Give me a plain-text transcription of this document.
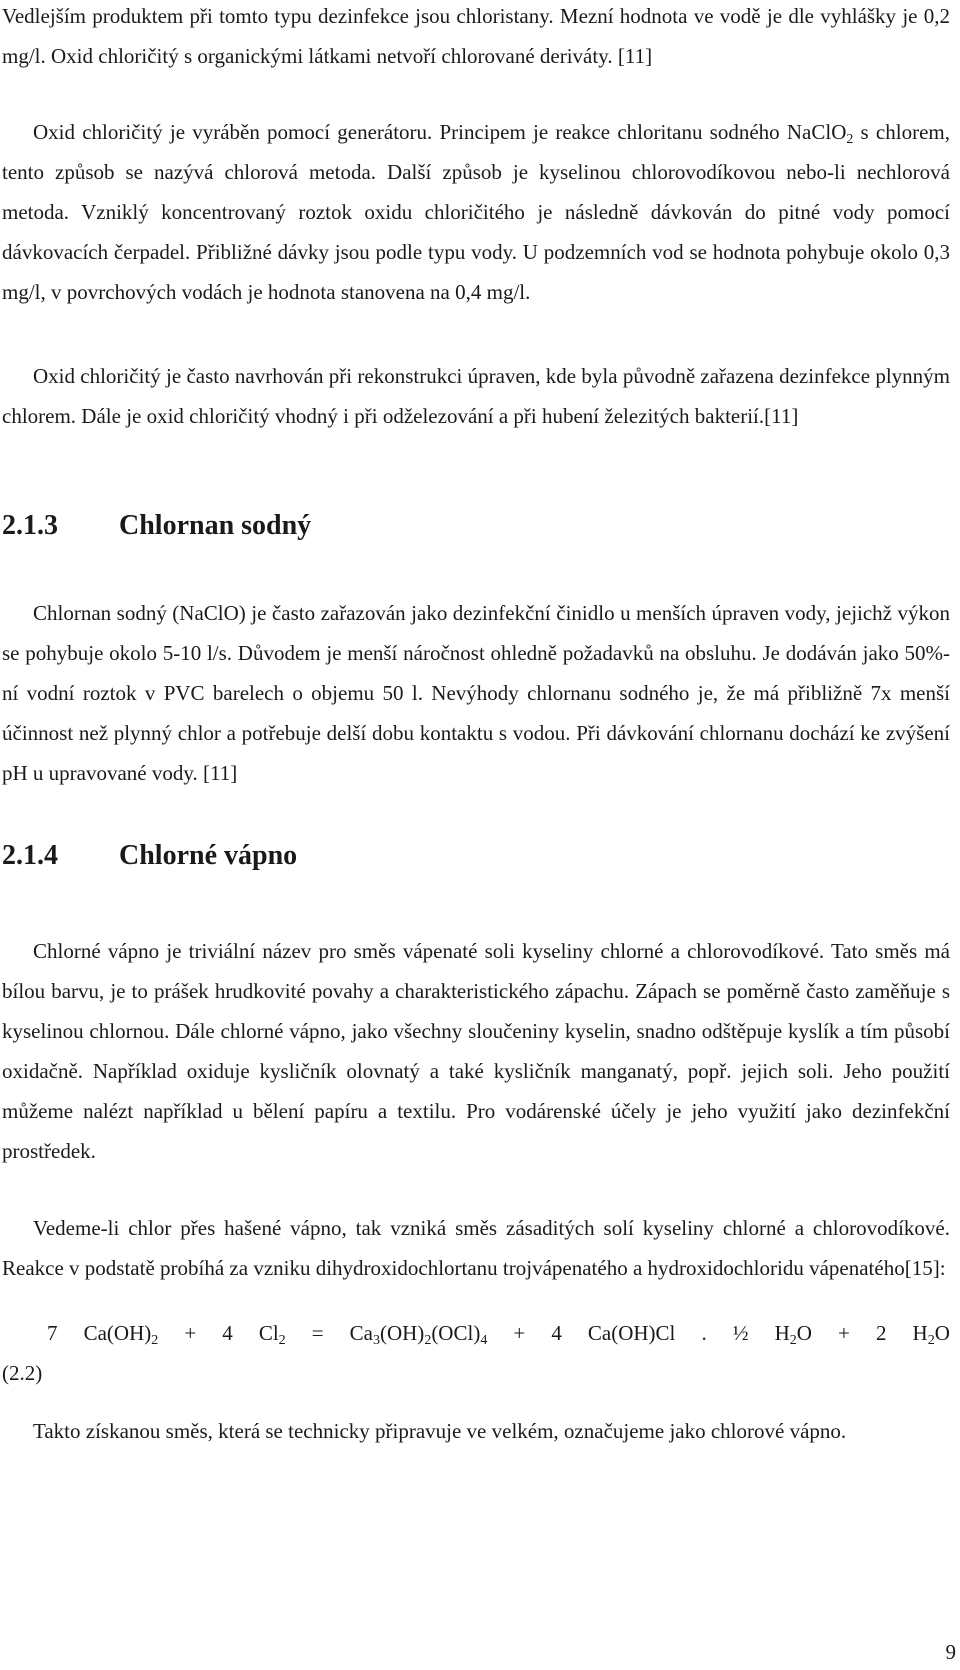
Vedlejším produktem při tomto typu dezinfekce jsou chloristany. Mezní hodnota ve vodě je dle vyhlášky je 0,2 mg/l. Oxid chloričitý s organickými látkami netvoří chlorované deriváty. [11]

Oxid chloričitý je vyráběn pomocí generátoru. Principem je reakce chloritanu sodného NaClO$_2$ s chlorem, tento způsob se nazývá chlorová metoda. Další způsob je kyselinou chlorovodíkovou nebo-li nechlorová metoda. Vzniklý koncentrovaný roztok oxidu chloričitého je následně dávkován do pitné vody pomocí dávkovacích čerpadel. Přibližné dávky jsou podle typu vody. U podzemních vod se hodnota pohybuje okolo 0,3 mg/l, v povrchových vodách je hodnota stanovena na 0,4 mg/l.

Oxid chloričitý je často navrhován při rekonstrukci úpraven, kde byla původně zařazena dezinfekce plynným chlorem. Dále je oxid chloričitý vhodný i při odželezování a při hubení železitých bakterií.[11]

2.1.3 Chlornan sodný

Chlornan sodný (NaClO) je často zařazován jako dezinfekční činidlo u menších úpraven vody, jejichž výkon se pohybuje okolo 5-10 l/s. Důvodem je menší náročnost ohledně požadavků na obsluhu. Je dodáván jako 50%-ní vodní roztok v PVC barelech o objemu 50 l. Nevýhody chlornanu sodného je, že má přibližně 7x menší účinnost než plynný chlor a potřebuje delší dobu kontaktu s vodou. Při dávkování chlornanu dochází ke zvýšení pH u upravované vody. [11]

2.1.4 Chlorné vápno

Chlorné vápno je triviální název pro směs vápenaté soli kyseliny chlorné a chlorovodíkové. Tato směs má bílou barvu, je to prášek hrudkovité povahy a charakteristického zápachu. Zápach se poměrně často zaměňuje s kyselinou chlornou. Dále chlorné vápno, jako všechny sloučeniny kyselin, snadno odštěpuje kyslík a tím působí oxidačně. Například oxiduje kysličník olovnatý a také kysličník manganatý, popř. jejich soli. Jeho použití můžeme nalézt například u bělení papíru a textilu. Pro vodárenské účely je jeho využití jako dezinfekční prostředek.

Vedeme-li chlor přes hašené vápno, tak vzniká směs zásaditých solí kyseliny chlorné a chlorovodíkové. Reakce v podstatě probíhá za vzniku dihydroxidochlortanu trojvápenatého a hydroxidochloridu vápenatého[15]:

7 $Ca(OH)_2 + 4$ $Cl_2 = Ca_3(OH)_2(OCl)_4 + 4$ Ca(OH)Cl . ½ $H_2O + 2$ $H_2O$
(2.2)

Takto získanou směs, která se technicky připravuje ve velkém, označujeme jako chlorové vápno.

9
